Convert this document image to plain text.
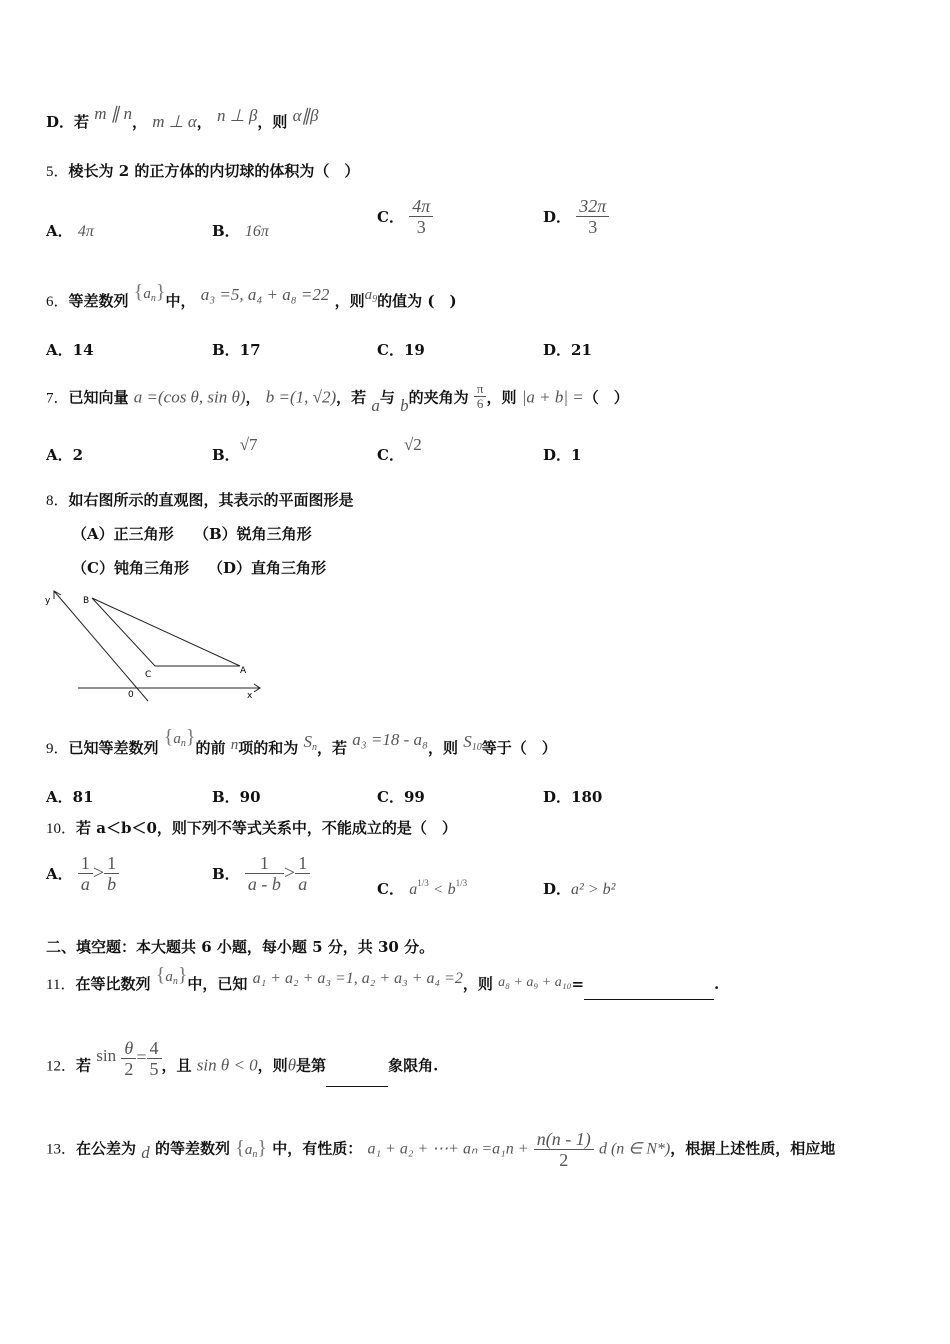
D．若 m ∥ n， m ⊥ α， n ⊥ β，则 α∥β
5．棱长为 2 的正方体的内切球的体积为（　）
A． 4π	B． 16π
C． $\frac{4\pi}{3}$	D． $\frac{32\pi}{3}$
6．等差数列 $\{a_n\}$中， a₃ =5, a₄ + a₈ =22 ，则$a_9$的值为 (　)
A．14	B．17	C．19	D．21
7．已知向量 a =(cos θ, sin θ)， b =(1, √2)，若 a与 b的夹角为 $\frac{\pi}{6}$ ，则 |a + b| =（　）
A．2	B．√7
C．√2
D．1
8．如右图所示的直观图，其表示的平面图形是
（A）正三角形 （B）锐角三角形
（C）钝角三角形 （D）直角三角形
y	B
C	A
0	x
9．已知等差数列 $\{a_n\}$的前 n项的和为 $S_n$，若 a₃ =18 - a₈，则 $S_{10}$等于（　）
A．81	B．90	C．99	D．180
10．若 a＜b＜0，则下列不等式关系中，不能成立的是（　）
A． $\frac{1}{a} > \frac{1}{b}$	B． $\frac{1}{a - b} > \frac{1}{a}$	C． $a^{1/3} < b^{1/3}$	D．a² > b²
二、填空题：本大题共 6 小题，每小题 5 分，共 30 分。
11．在等比数列 $\{a_n\}$中，已知 a₁ + a₂ + a₃ =1, a₂ + a₃ + a₄ =2，则 a₈ + a₉ + a₁₀=	.
12．若 $\sin \frac{\theta}{2} = \frac{4}{5}$ ，且 sin θ < 0，则θ是第	象限角.
13．在公差为 d 的等差数列 $\{a_n\}$ 中，有性质： a₁ + a₂ + ⋯+ $a_n =a_1n + \frac{n(n - 1)}{2}$ d (n ∈ N*)，根据上述性质，相应地
